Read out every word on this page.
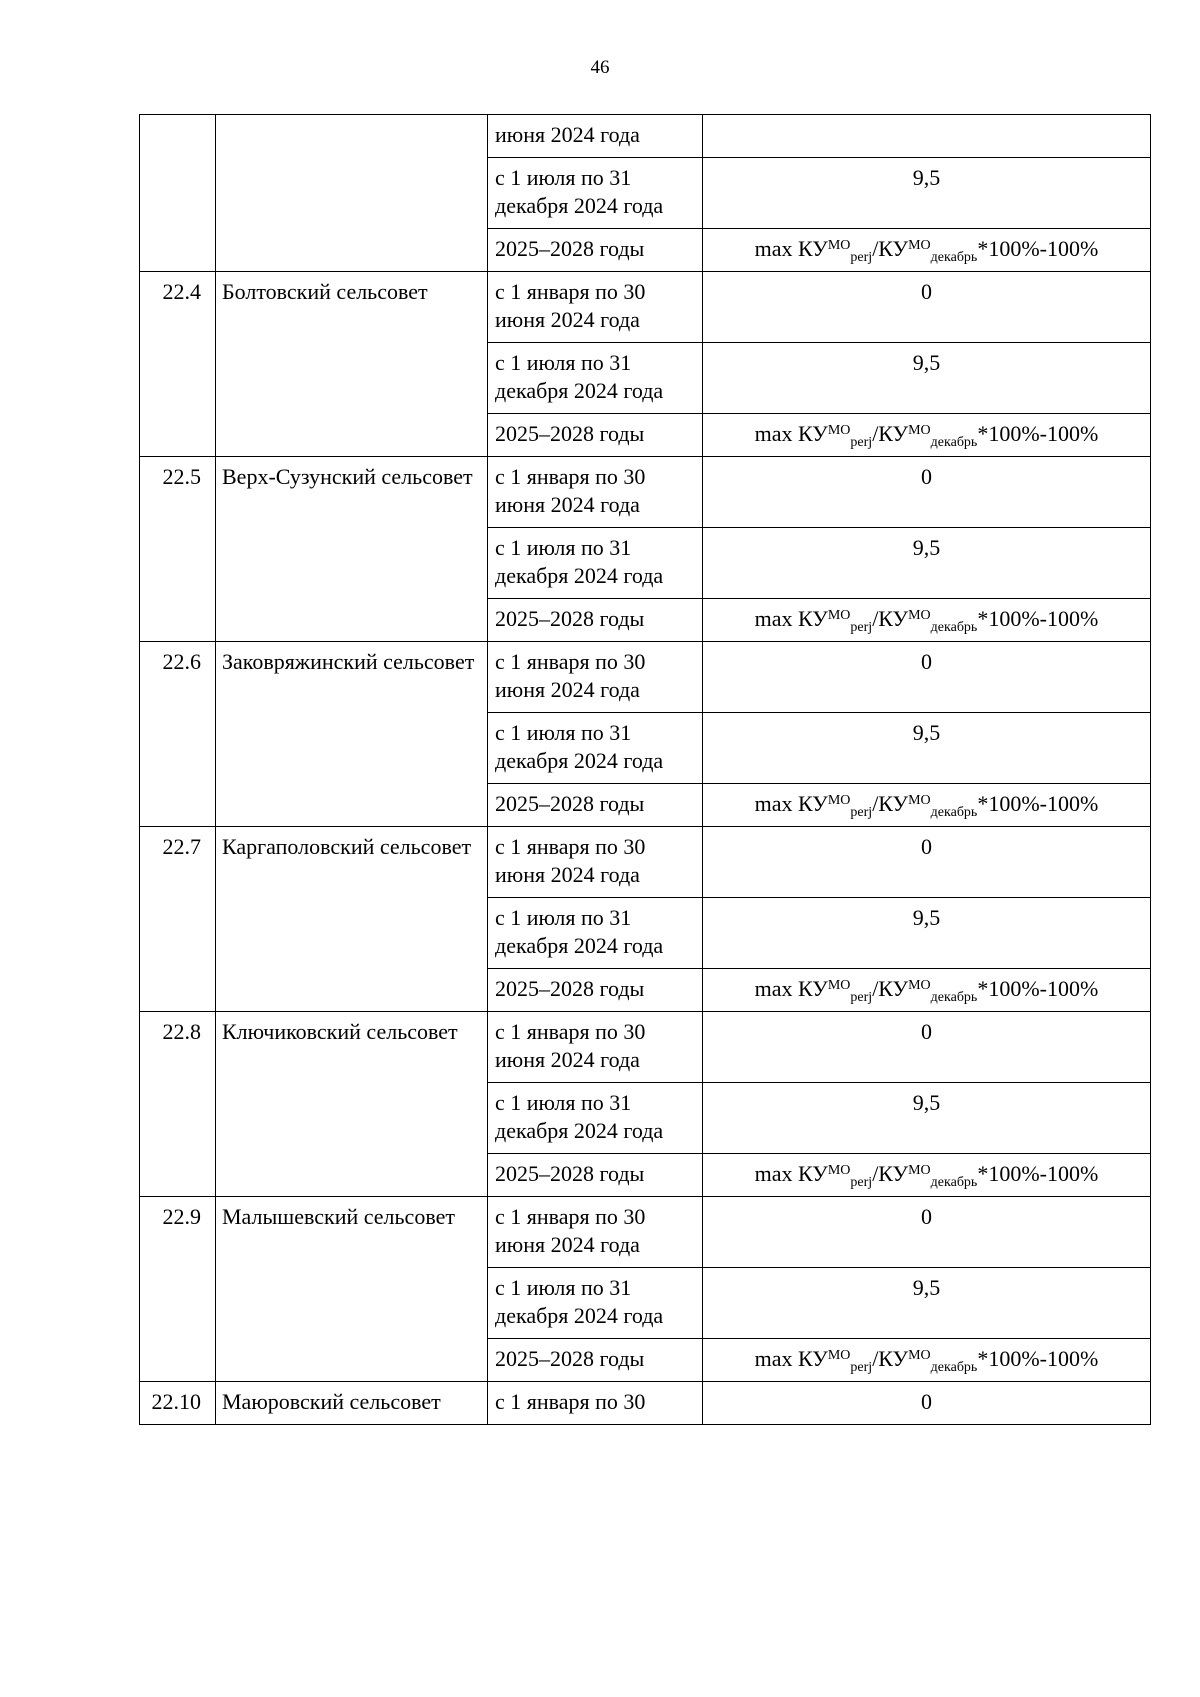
46
		июня 2024 года	
		с 1 июля по 31 декабря 2024 года	9,5
		2025–2028 годы	$\max КУ^{МО}_{perj}/КУ^{МО}_{декабрь}*100\%-100\%$
22.4	Болтовский сельсовет	с 1 января по 30 июня 2024 года	0
		с 1 июля по 31 декабря 2024 года	9,5
		2025–2028 годы	$\max КУ^{МО}_{perj}/КУ^{МО}_{декабрь}*100\%-100\%$
22.5	Верх-Сузунский сельсовет	с 1 января по 30 июня 2024 года	0
		с 1 июля по 31 декабря 2024 года	9,5
		2025–2028 годы	$\max КУ^{МО}_{perj}/КУ^{МО}_{декабрь}*100\%-100\%$
22.6	Заковряжинский сельсовет	с 1 января по 30 июня 2024 года	0
		с 1 июля по 31 декабря 2024 года	9,5
		2025–2028 годы	$\max КУ^{МО}_{perj}/КУ^{МО}_{декабрь}*100\%-100\%$
22.7	Каргаполовский сельсовет	с 1 января по 30 июня 2024 года	0
		с 1 июля по 31 декабря 2024 года	9,5
		2025–2028 годы	$\max КУ^{МО}_{perj}/КУ^{МО}_{декабрь}*100\%-100\%$
22.8	Ключиковский сельсовет	с 1 января по 30 июня 2024 года	0
		с 1 июля по 31 декабря 2024 года	9,5
		2025–2028 годы	$\max КУ^{МО}_{perj}/КУ^{МО}_{декабрь}*100\%-100\%$
22.9	Малышевский сельсовет	с 1 января по 30 июня 2024 года	0
		с 1 июля по 31 декабря 2024 года	9,5
		2025–2028 годы	$\max КУ^{МО}_{perj}/КУ^{МО}_{декабрь}*100\%-100\%$
22.10	Маюровский сельсовет	с 1 января по 30	0
